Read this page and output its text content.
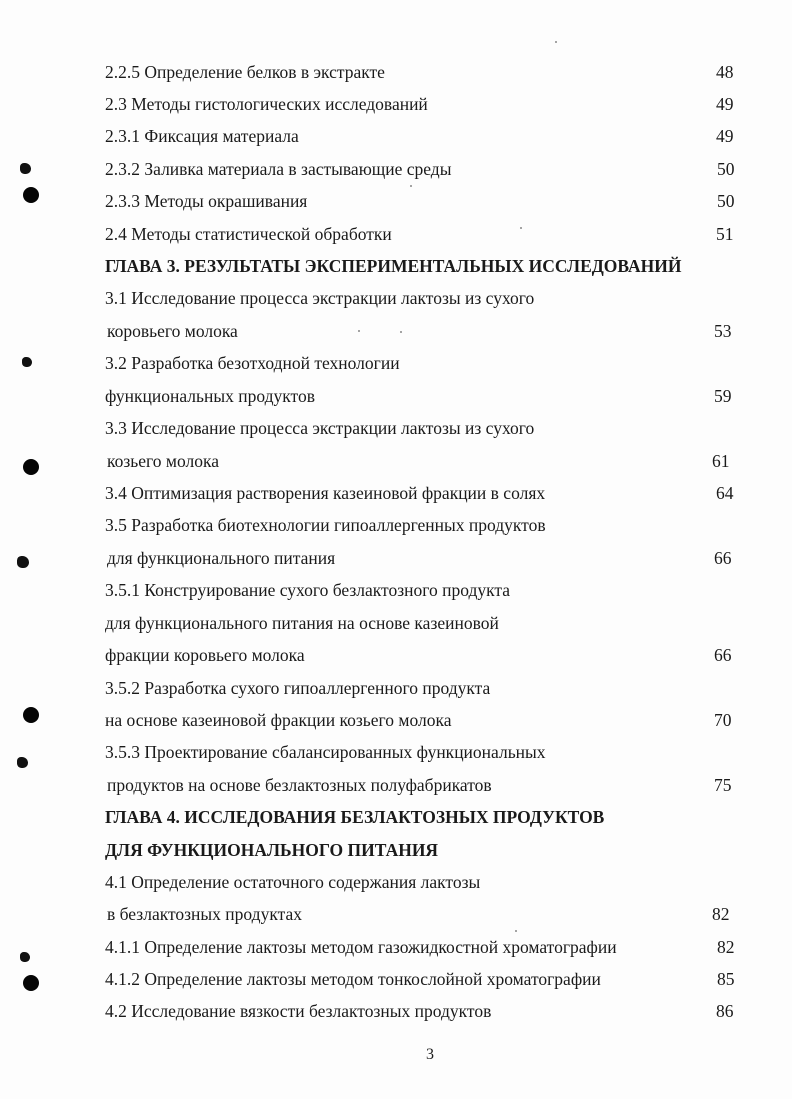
2.2.5 Определение белков в экстракте	48
2.3 Методы гистологических исследований	49
2.3.1 Фиксация материала	49
2.3.2 Заливка материала в застывающие среды	50
2.3.3 Методы окрашивания	50
2.4 Методы статистической обработки	51
ГЛАВА 3. РЕЗУЛЬТАТЫ ЭКСПЕРИМЕНТАЛЬНЫХ ИССЛЕДОВАНИЙ
3.1 Исследование процесса экстракции лактозы из сухого
коровьего молока	53
3.2 Разработка безотходной технологии
функциональных продуктов	59
3.3 Исследование процесса экстракции лактозы из сухого
козьего молока	61
3.4 Оптимизация растворения казеиновой фракции в солях	64
3.5 Разработка биотехнологии гипоаллергенных продуктов
для функционального питания	66
3.5.1 Конструирование сухого безлактозного продукта
для функционального питания на основе казеиновой
фракции коровьего молока	66
3.5.2 Разработка сухого гипоаллергенного продукта
на основе казеиновой фракции козьего молока	70
3.5.3 Проектирование сбалансированных функциональных
продуктов на основе безлактозных полуфабрикатов	75
ГЛАВА 4. ИССЛЕДОВАНИЯ БЕЗЛАКТОЗНЫХ ПРОДУКТОВ
ДЛЯ ФУНКЦИОНАЛЬНОГО ПИТАНИЯ
4.1 Определение остаточного содержания лактозы
в безлактозных продуктах	82
4.1.1 Определение лактозы методом газожидкостной хроматографии	82
4.1.2 Определение лактозы методом тонкослойной хроматографии	85
4.2 Исследование вязкости безлактозных продуктов	86
3
